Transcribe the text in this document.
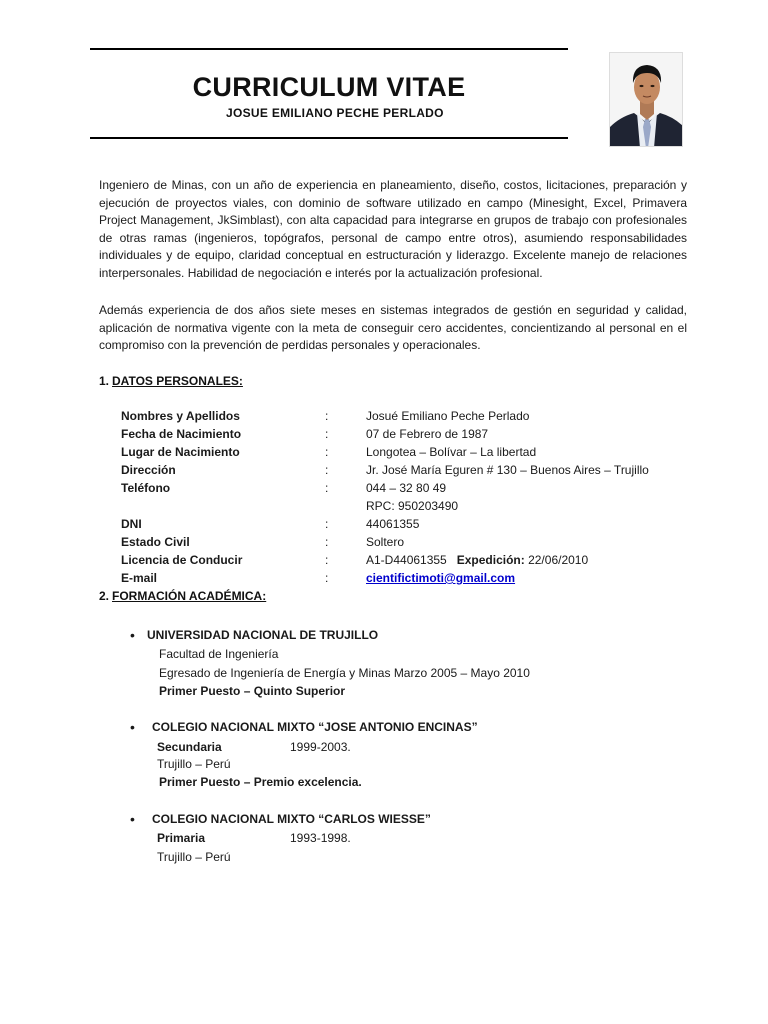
CURRICULUM VITAE
JOSUE EMILIANO PECHE PERLADO

Ingeniero de Minas, con un año de experiencia en planeamiento, diseño, costos, licitaciones, preparación y ejecución de proyectos viales, con dominio de software utilizado en campo (Minesight, Excel, Primavera Project Management, JkSimblast), con alta capacidad para integrarse en grupos de trabajo con profesionales de otras ramas (ingenieros, topógrafos, personal de campo entre otros), asumiendo responsabilidades individuales y de equipo, claridad conceptual en estructuración y liderazgo. Excelente manejo de relaciones interpersonales. Habilidad de negociación e interés por la actualización profesional.

Además experiencia de dos años siete meses en sistemas integrados de gestión en seguridad y calidad, aplicación de normativa vigente con la meta de conseguir cero accidentes, concientizando al personal en el compromiso con la prevención de perdidas personales y operacionales.

1. DATOS PERSONALES:
Nombres y Apellidos	:	Josué Emiliano Peche Perlado
Fecha de Nacimiento	:	07 de Febrero de 1987
Lugar de Nacimiento	:	Longotea – Bolívar – La libertad
Dirección	:	Jr. José María Eguren # 130 – Buenos Aires – Trujillo
Teléfono	:	044 – 32 80 49
RPC: 950203490
DNI	:	44061355
Estado Civil	:	Soltero
Licencia de Conducir	:	A1-D44061355 Expedición: 22/06/2010
E-mail	:	cientifictimoti@gmail.com
2. FORMACIÓN ACADÉMICA:
• UNIVERSIDAD NACIONAL DE TRUJILLO
Facultad de Ingeniería
Egresado de Ingeniería de Energía y Minas Marzo 2005 – Mayo 2010
Primer Puesto – Quinto Superior
• COLEGIO NACIONAL MIXTO “JOSE ANTONIO ENCINAS”
Secundaria	1999-2003.
Trujillo – Perú
Primer Puesto – Premio excelencia.
• COLEGIO NACIONAL MIXTO “CARLOS WIESSE”
Primaria	1993-1998.
Trujillo – Perú
